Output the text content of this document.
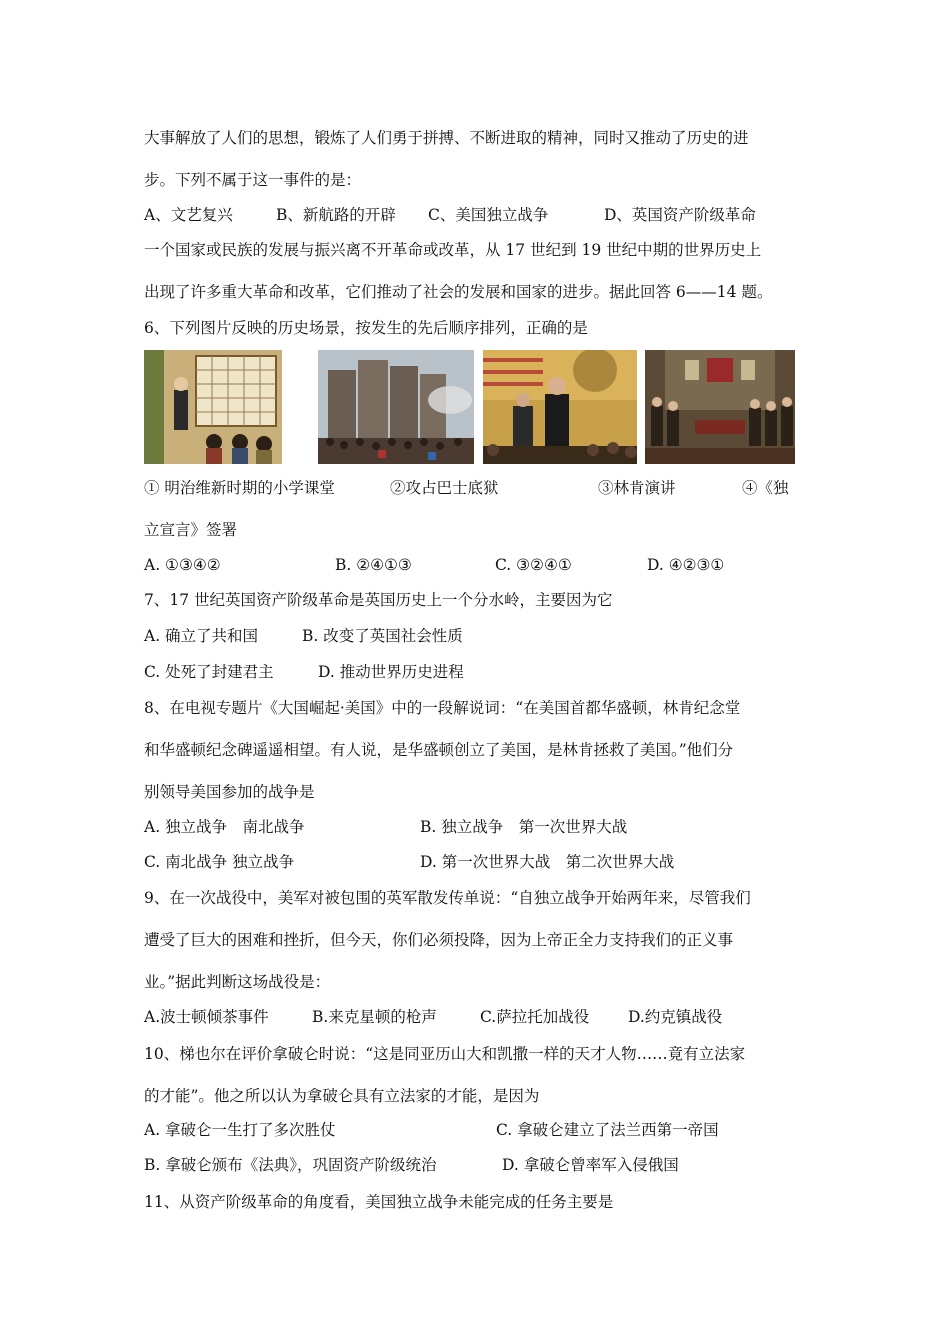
大事解放了人们的思想，锻炼了人们勇于拼搏、不断进取的精神，同时又推动了历史的进
步。下列不属于这一事件的是：
A、文艺复兴	B、新航路的开辟 C、美国独立战争	D、英国资产阶级革命
一个国家或民族的发展与振兴离不开革命或改革，从 17 世纪到 19 世纪中期的世界历史上
出现了许多重大革命和改革，它们推动了社会的发展和国家的进步。据此回答 6——14 题。
6、下列图片反映的历史场景，按发生的先后顺序排列，正确的是
① 明治维新时期的小学课堂	②攻占巴士底狱	③林肯演讲	④《独
立宣言》签署
A. ①③④②	B. ②④①③	C. ③②④①	D. ④②③①
7、17 世纪英国资产阶级革命是英国历史上一个分水岭，主要因为它
A. 确立了共和国	B. 改变了英国社会性质
C. 处死了封建君主	D. 推动世界历史进程
8、在电视专题片《大国崛起·美国》中的一段解说词：“在美国首都华盛顿，林肯纪念堂
和华盛顿纪念碑遥遥相望。有人说，是华盛顿创立了美国，是林肯拯救了美国。”他们分
别领导美国参加的战争是
A. 独立战争　南北战争	B. 独立战争　第一次世界大战
C. 南北战争 独立战争	D. 第一次世界大战　第二次世界大战
9、在一次战役中，美军对被包围的英军散发传单说：“自独立战争开始两年来，尽管我们
遭受了巨大的困难和挫折，但今天，你们必须投降，因为上帝正全力支持我们的正义事
业。”据此判断这场战役是：
A.波士顿倾茶事件	B.来克星顿的枪声	C.萨拉托加战役	D.约克镇战役
10、梯也尔在评价拿破仑时说：“这是同亚历山大和凯撒一样的天才人物……竟有立法家
的才能”。他之所以认为拿破仑具有立法家的才能，是因为
A. 拿破仑一生打了多次胜仗	C. 拿破仑建立了法兰西第一帝国
B. 拿破仑颁布《法典》，巩固资产阶级统治	D. 拿破仑曾率军入侵俄国
11、从资产阶级革命的角度看，美国独立战争未能完成的任务主要是
